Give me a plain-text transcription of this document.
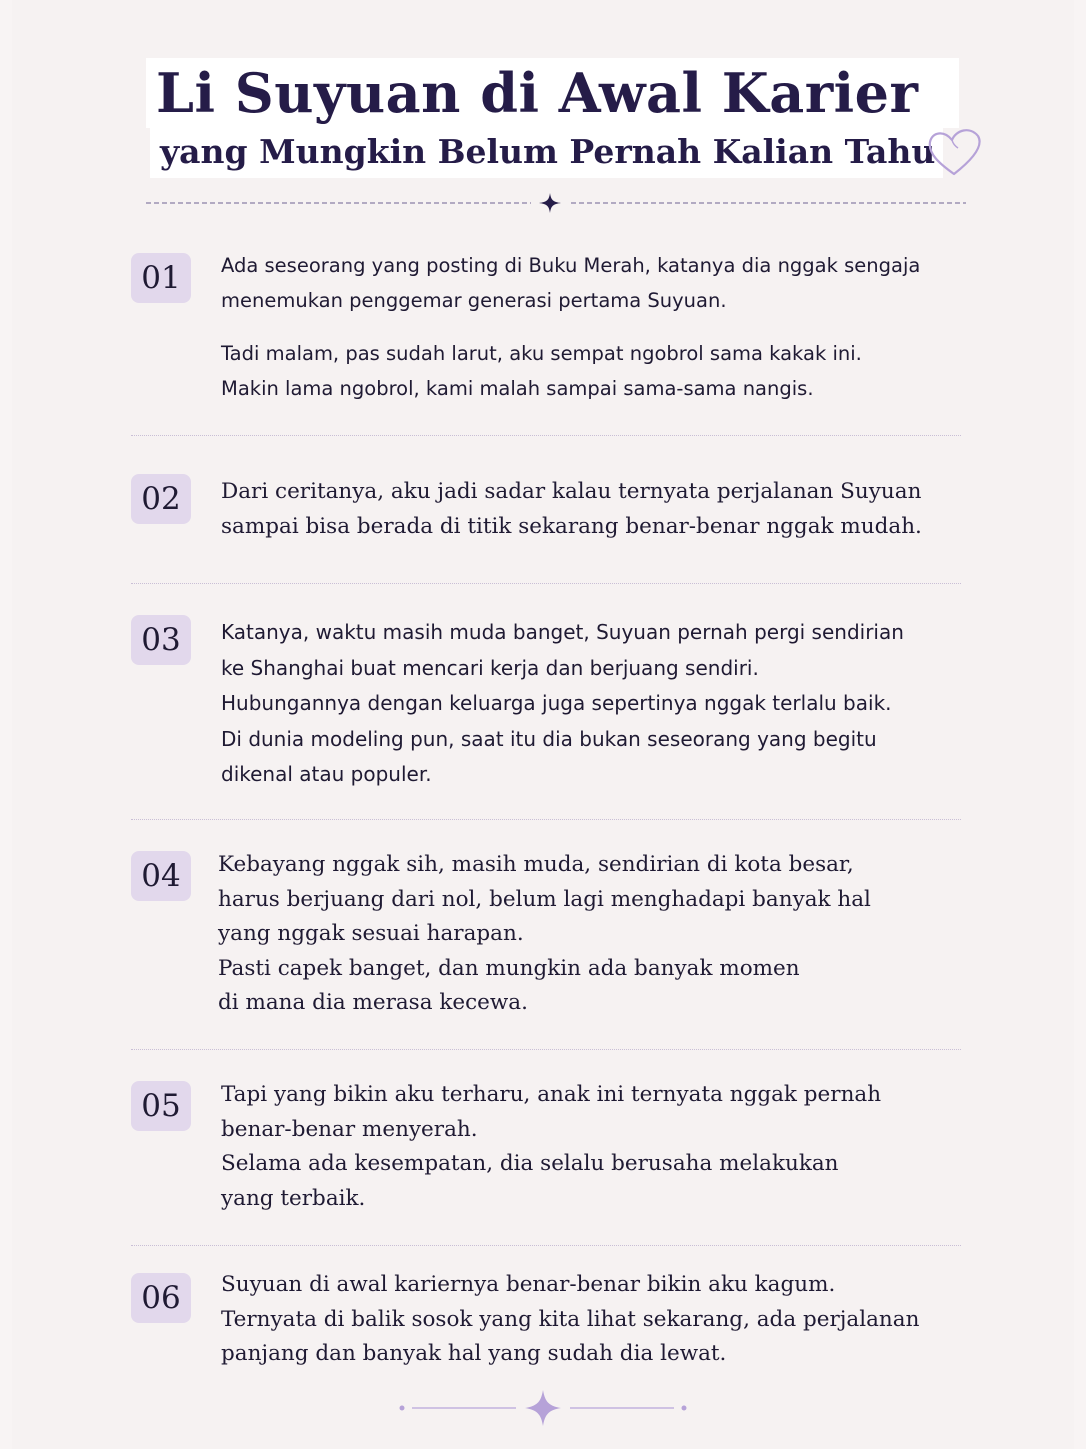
Li Suyuan di Awal Karier
yang Mungkin Belum Pernah Kalian Tahu
01	Ada seseorang yang posting di Buku Merah, katanya dia nggak sengaja

menemukan penggemar generasi pertama Suyuan.

Tadi malam, pas sudah larut, aku sempat ngobrol sama kakak ini.

Makin lama ngobrol, kami malah sampai sama-sama nangis.

02	Dari ceritanya, aku jadi sadar kalau ternyata perjalanan Suyuan

sampai bisa berada di titik sekarang benar-benar nggak mudah.

03	Katanya, waktu masih muda banget, Suyuan pernah pergi sendirian

ke Shanghai buat mencari kerja dan berjuang sendiri.

Hubungannya dengan keluarga juga sepertinya nggak terlalu baik.

Di dunia modeling pun, saat itu dia bukan seseorang yang begitu

dikenal atau populer.

04	Kebayang nggak sih, masih muda, sendirian di kota besar,

harus berjuang dari nol, belum lagi menghadapi banyak hal

yang nggak sesuai harapan.

Pasti capek banget, dan mungkin ada banyak momen

di mana dia merasa kecewa.

05	Tapi yang bikin aku terharu, anak ini ternyata nggak pernah

benar-benar menyerah.

Selama ada kesempatan, dia selalu berusaha melakukan

yang terbaik.

06	Suyuan di awal kariernya benar-benar bikin aku kagum.

Ternyata di balik sosok yang kita lihat sekarang, ada perjalanan

panjang dan banyak hal yang sudah dia lewat.
